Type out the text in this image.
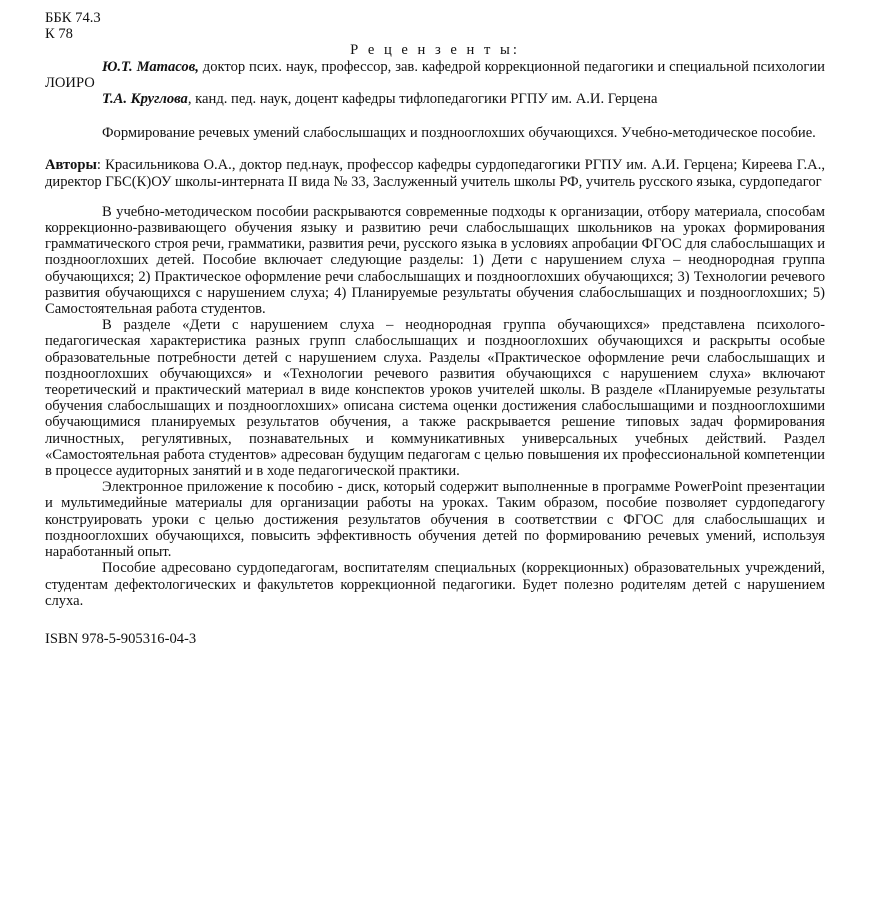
ББК 74.3

К 78

Р е ц е н з е н т ы:

Ю.Т. Матасов, доктор псих. наук, профессор, зав. кафедрой коррекционной педагогики и специальной психологии ЛОИРО

Т.А. Круглова, канд. пед. наук, доцент кафедры тифлопедагогики РГПУ им. А.И. Герцена

Формирование речевых умений слабослышащих и позднооглохших обучающихся. Учебно-методическое пособие.

Авторы: Красильникова О.А., доктор пед.наук, профессор кафедры сурдопедагогики РГПУ им. А.И. Герцена; Киреева Г.А., директор ГБС(К)ОУ школы-интерната II вида № 33, Заслуженный учитель школы РФ, учитель русского языка, сурдопедагог

В учебно-методическом пособии раскрываются современные подходы к организации, отбору материала, способам коррекционно-развивающего обучения языку и развитию речи слабослышащих школьников на уроках формирования грамматического строя речи, грамматики, развития речи, русского языка в условиях апробации ФГОС для слабослышащих и позднооглохших детей. Пособие включает следующие разделы: 1) Дети с нарушением слуха – неоднородная группа обучающихся; 2) Практическое оформление речи слабослышащих и позднооглохших обучающихся; 3) Технологии речевого развития обучающихся с нарушением слуха; 4) Планируемые результаты обучения слабослышащих и позднооглохших; 5) Самостоятельная работа студентов.

В разделе «Дети с нарушением слуха – неоднородная группа обучающихся» представлена психолого-педагогическая характеристика разных групп слабослышащих и позднооглохших обучающихся и раскрыты особые образовательные потребности детей с нарушением слуха. Разделы «Практическое оформление речи слабослышащих и позднооглохших обучающихся» и «Технологии речевого развития обучающихся с нарушением слуха» включают теоретический и практический материал в виде конспектов уроков учителей школы. В разделе «Планируемые результаты обучения слабослышащих и позднооглохших» описана система оценки достижения слабослышащими и позднооглохшими обучающимися планируемых результатов обучения, а также раскрывается решение типовых задач формирования личностных, регулятивных, познавательных и коммуникативных универсальных учебных действий. Раздел «Самостоятельная работа студентов» адресован будущим педагогам с целью повышения их профессиональной компетенции в процессе аудиторных занятий и в ходе педагогической практики.

Электронное приложение к пособию - диск, который содержит выполненные в программе PowerPoint презентации и мультимедийные материалы для организации работы на уроках. Таким образом, пособие позволяет сурдопедагогу конструировать уроки с целью достижения результатов обучения в соответствии с ФГОС для слабослышащих и позднооглохших обучающихся, повысить эффективность обучения детей по формированию речевых умений, используя наработанный опыт.

Пособие адресовано сурдопедагогам, воспитателям специальных (коррекционных) образовательных учреждений, студентам дефектологических и факультетов коррекционной педагогики. Будет полезно родителям детей с нарушением слуха.

ISBN 978-5-905316-04-3
